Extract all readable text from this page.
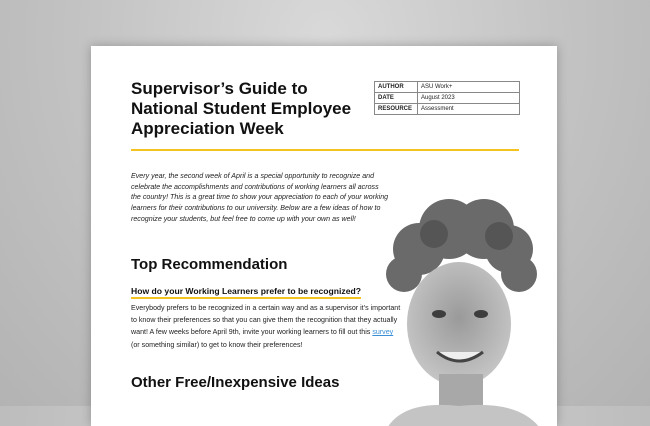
Supervisor’s Guide to National Student Employee Appreciation Week
AUTHOR	ASU Work+
DATE	August 2023
RESOURCE	Assessment

Every year, the second week of April is a special opportunity to recognize and celebrate the accomplishments and contributions of working learners all across the country! This is a great time to show your appreciation to each of your working learners for their contributions to our university. Below are a few ideas of how to recognize your students, but feel free to come up with your own as well!

Top Recommendation
How do your Working Learners prefer to be recognized?

Everybody prefers to be recognized in a certain way and as a supervisor it’s important to know their preferences so that you can give them the recognition that they actually want! A few weeks before April 9th, invite your working learners to fill out this survey (or something similar) to get to know their preferences!

Other Free/Inexpensive Ideas
